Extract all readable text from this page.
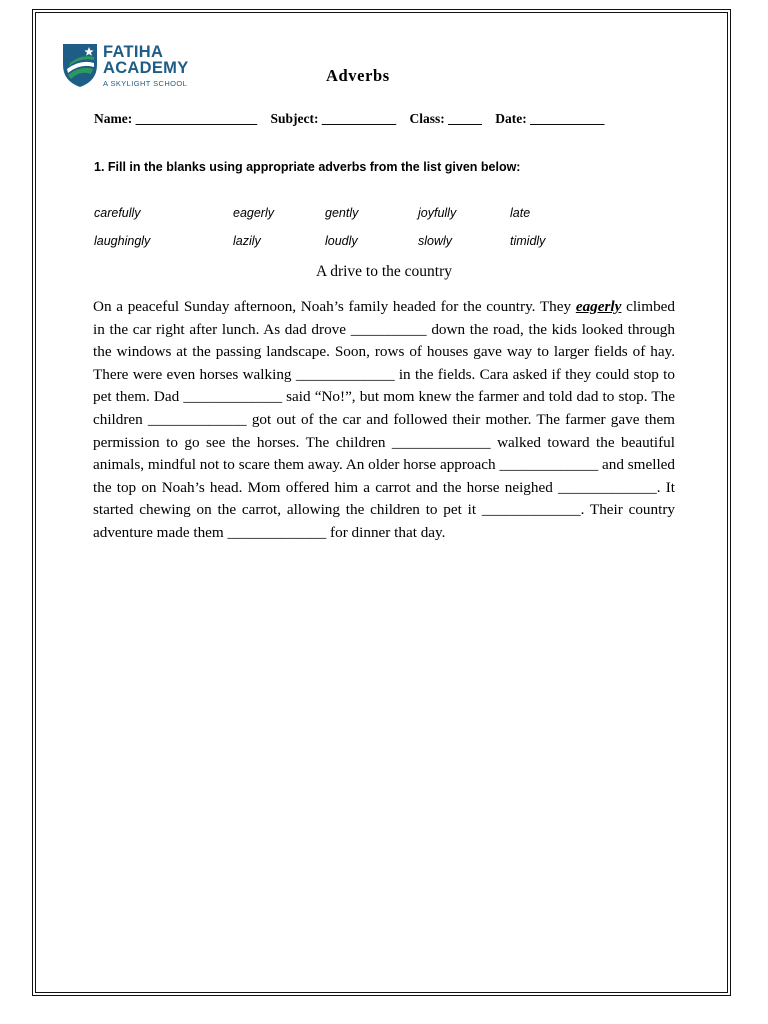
FATIHA
ACADEMY
A SKYLIGHT SCHOOL	Adverbs
Name: __________________ Subject: ___________ Class: _____ Date: ___________
1. Fill in the blanks using appropriate adverbs from the list given below:
carefully	eagerly	gently	joyfully	late
laughingly	lazily	loudly	slowly	timidly
A drive to the country
On a peaceful Sunday afternoon, Noah’s family headed for the country. They eagerly climbed in the car right after lunch. As dad drove __________ down the road, the kids looked through the windows at the passing landscape. Soon, rows of houses gave way to larger fields of hay. There were even horses walking _____________ in the fields. Cara asked if they could stop to pet them. Dad _____________ said “No!”, but mom knew the farmer and told dad to stop. The children _____________ got out of the car and followed their mother. The farmer gave them permission to go see the horses. The children _____________ walked toward the beautiful animals, mindful not to scare them away. An older horse approach _____________ and smelled the top on Noah’s head. Mom offered him a carrot and the horse neighed _____________. It started chewing on the carrot, allowing the children to pet it _____________. Their country adventure made them _____________ for dinner that day.
